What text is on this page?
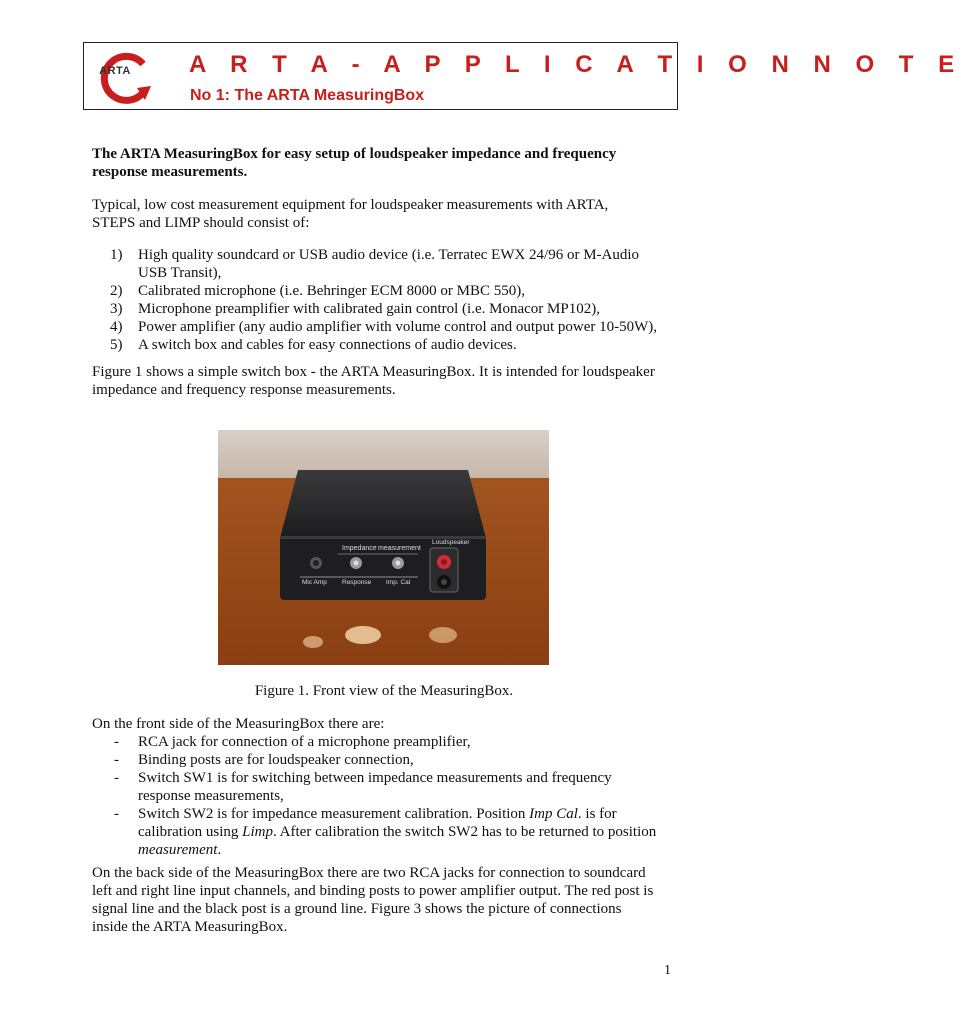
ARTA A R T A - A P P L I C A T I O N N O T E
No 1: The ARTA MeasuringBox

The ARTA MeasuringBox for easy setup of loudspeaker impedance and frequency
response measurements.

Typical, low cost measurement equipment for loudspeaker measurements with ARTA,
STEPS and LIMP should consist of:

1) High quality soundcard or USB audio device (i.e. Terratec EWX 24/96 or M-Audio
USB Transit),
2) Calibrated microphone (i.e. Behringer ECM 8000 or MBC 550),
3) Microphone preamplifier with calibrated gain control (i.e. Monacor MP102),
4) Power amplifier (any audio amplifier with volume control and output power 10-50W),
5) A switch box and cables for easy connections of audio devices.

Figure 1 shows a simple switch box - the ARTA MeasuringBox. It is intended for loudspeaker
impedance and frequency response measurements.

Impedance measurement
Loudspeaker
Mic Amp Response Imp. Cal
Figure 1. Front view of the MeasuringBox.

On the front side of the MeasuringBox there are:

- RCA jack for connection of a microphone preamplifier,
- Binding posts are for loudspeaker connection,
- Switch SW1 is for switching between impedance measurements and frequency
response measurements,
- Switch SW2 is for impedance measurement calibration. Position Imp Cal. is for
calibration using Limp. After calibration the switch SW2 has to be returned to position
measurement.

On the back side of the MeasuringBox there are two RCA jacks for connection to soundcard
left and right line input channels, and binding posts to power amplifier output. The red post is
signal line and the black post is a ground line. Figure 3 shows the picture of connections
inside the ARTA MeasuringBox.

1
